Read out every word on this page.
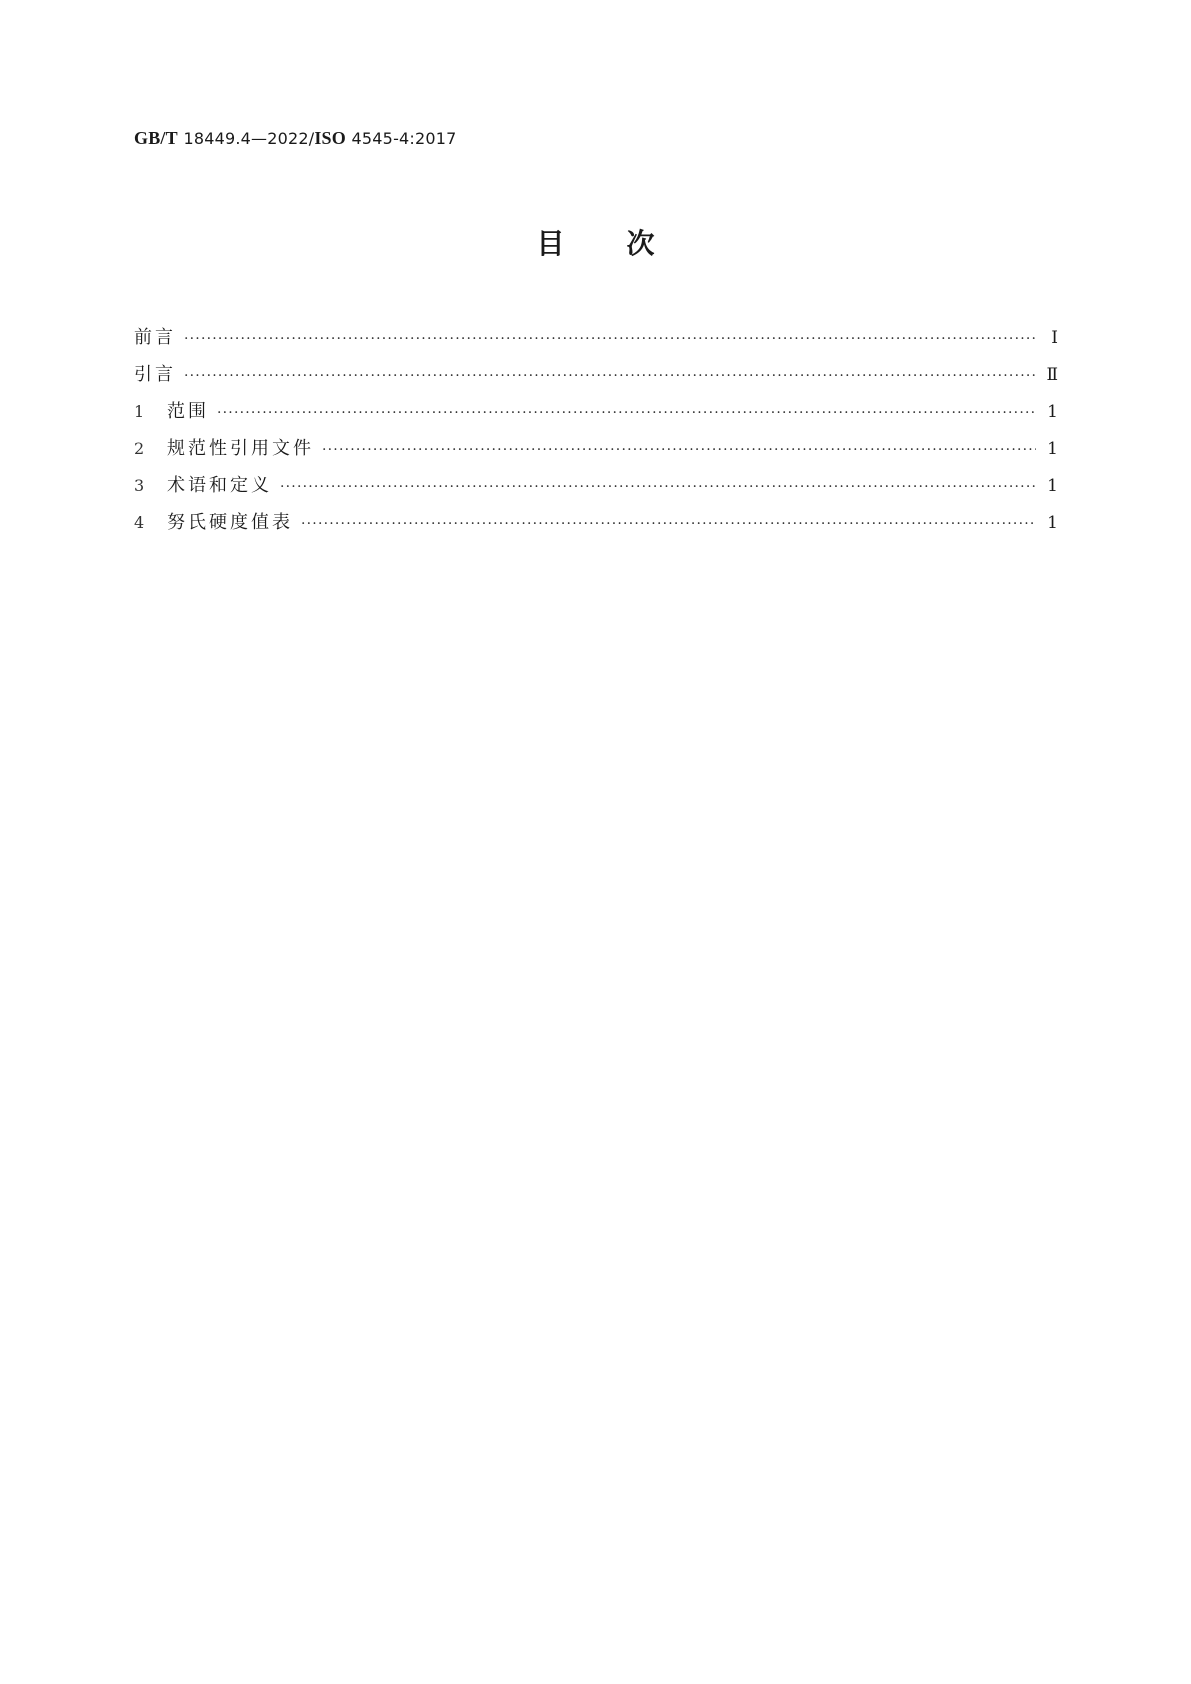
GB/T 18449.4—2022/ISO 4545-4:2017
目次
前言 ·····	Ⅰ
引言 ·····	Ⅱ
1	范围 ·····	1
2	规范性引用文件 ·····	1
3	术语和定义 ·····	1
4	努氏硬度值表 ·····	1
